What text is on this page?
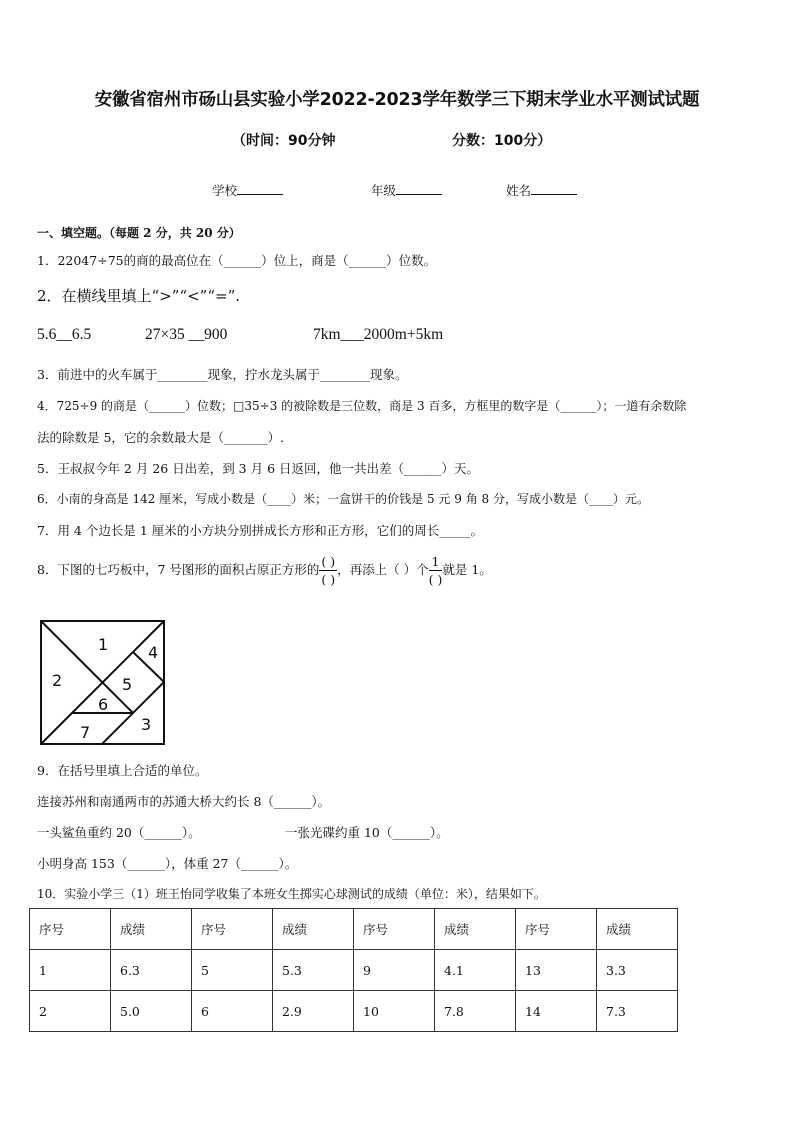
安徽省宿州市砀山县实验小学2022-2023学年数学三下期末学业水平测试试题
（时间：90分钟	分数：100分）
学校	年级	姓名
一、填空题。（每题 2 分，共 20 分）
1．22047÷75的商的最高位在（______）位上，商是（______）位数。
2．在横线里填上“>”“<”“=”.
5.6__6.5	27×35 __900	7km___2000m+5km
3．前进中的火车属于________现象，拧水龙头属于________现象。
4．725÷9 的商是（______）位数；□35÷3 的被除数是三位数，商是 3 百多，方框里的数字是（______）；一道有余数除
法的除数是 5，它的余数最大是（_______）.
5．王叔叔今年 2 月 26 日出差，到 3 月 6 日返回，他一共出差（______）天。
6．小南的身高是 142 厘米，写成小数是（____）米；一盒饼干的价钱是 5 元 9 角 8 分，写成小数是（____）元。
7．用 4 个边长是 1 厘米的小方块分别拼成长方形和正方形，它们的周长_____。
8．下图的七巧板中，7 号图形的面积占原正方形的 $\frac{( )}{( )}$ ，再添上（ ）个 $\frac{1}{( )}$ 就是 1。
1
2
3
4
5
6
7
9．在括号里填上合适的单位。
连接苏州和南通两市的苏通大桥大约长 8（______）。
一头鲨鱼重约 20（______）。	一张光碟约重 10（______）。
小明身高 153（______），体重 27（______）。
10．实验小学三（1）班王怡同学收集了本班女生掷实心球测试的成绩（单位：米），结果如下。
序号	成绩	序号	成绩	序号	成绩	序号	成绩
1	6.3	5	5.3	9	4.1	13	3.3
2	5.0	6	2.9	10	7.8	14	7.3
